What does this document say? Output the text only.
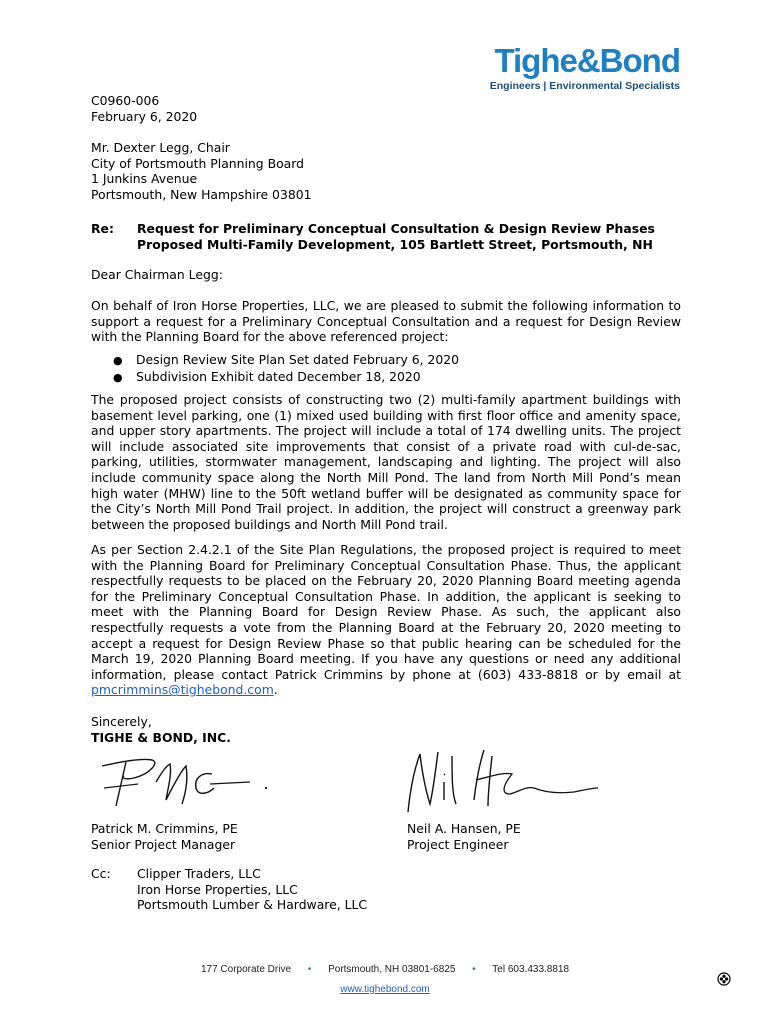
Tighe&Bond
Engineers | Environmental Specialists

C0960-006

February 6, 2020

Mr. Dexter Legg, Chair

City of Portsmouth Planning Board

1 Junkins Avenue

Portsmouth, New Hampshire 03801

Re: Request for Preliminary Conceptual Consultation & Design Review Phases
Proposed Multi-Family Development, 105 Bartlett Street, Portsmouth, NH
Dear Chairman Legg:

On behalf of Iron Horse Properties, LLC, we are pleased to submit the following information to support a request for a Preliminary Conceptual Consultation and a request for Design Review with the Planning Board for the above referenced project:

●	Design Review Site Plan Set dated February 6, 2020
●	Subdivision Exhibit dated December 18, 2020

The proposed project consists of constructing two (2) multi-family apartment buildings with basement level parking, one (1) mixed used building with first floor office and amenity space, and upper story apartments. The project will include a total of 174 dwelling units. The project will include associated site improvements that consist of a private road with cul-de-sac, parking, utilities, stormwater management, landscaping and lighting. The project will also include community space along the North Mill Pond. The land from North Mill Pond’s mean high water (MHW) line to the 50ft wetland buffer will be designated as community space for the City’s North Mill Pond Trail project. In addition, the project will construct a greenway park between the proposed buildings and North Mill Pond trail.

As per Section 2.4.2.1 of the Site Plan Regulations, the proposed project is required to meet with the Planning Board for Preliminary Conceptual Consultation Phase. Thus, the applicant respectfully requests to be placed on the February 20, 2020 Planning Board meeting agenda for the Preliminary Conceptual Consultation Phase. In addition, the applicant is seeking to meet with the Planning Board for Design Review Phase. As such, the applicant also respectfully requests a vote from the Planning Board at the February 20, 2020 meeting to accept a request for Design Review Phase so that public hearing can be scheduled for the March 19, 2020 Planning Board meeting. If you have any questions or need any additional information, please contact Patrick Crimmins by phone at (603) 433-8818 or by email at pmcrimmins@tighebond.com.

Sincerely,

TIGHE & BOND, INC.

Patrick M. Crimmins, PE

Senior Project Manager

Neil A. Hansen, PE

Project Engineer

Cc: Clipper Traders, LLC

Iron Horse Properties, LLC

Portsmouth Lumber & Hardware, LLC

177 Corporate Drive • Portsmouth, NH 03801-6825 • Tel 603.433.8818
www.tighebond.com
